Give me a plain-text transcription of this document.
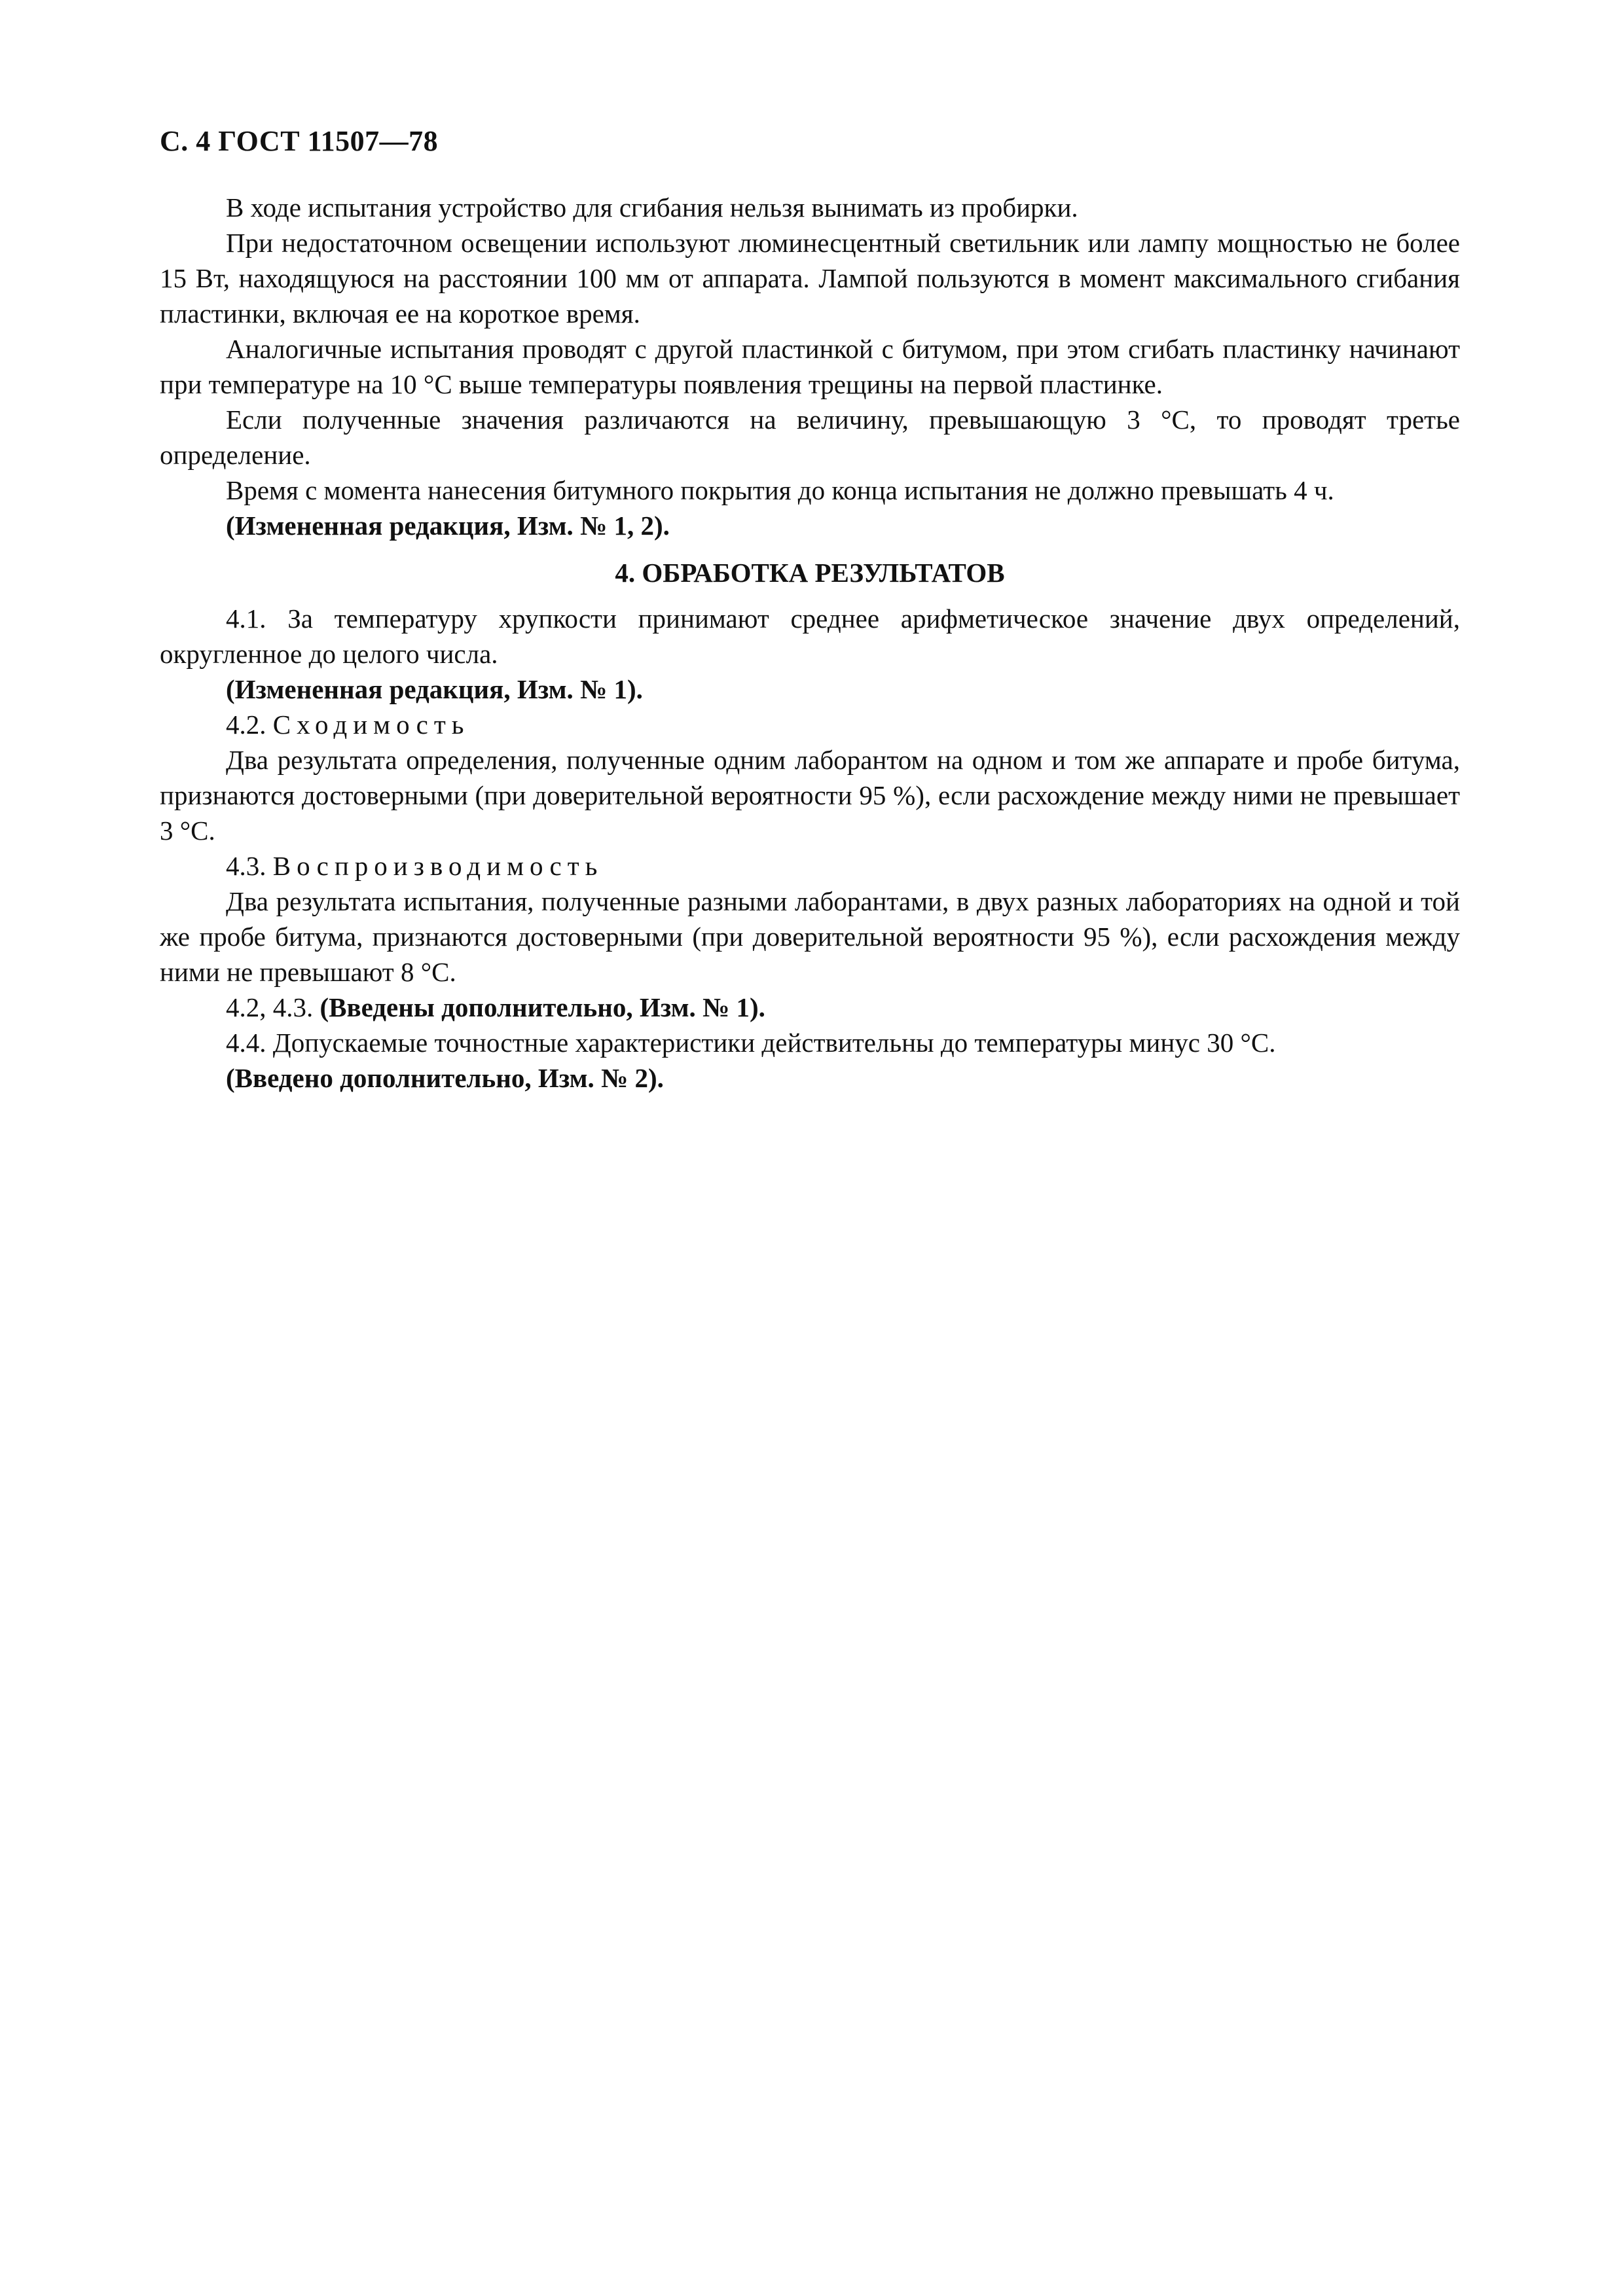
С. 4 ГОСТ 11507—78

В ходе испытания устройство для сгибания нельзя вынимать из пробирки.

При недостаточном освещении используют люминесцентный светильник или лампу мощностью не более 15 Вт, находящуюся на расстоянии 100 мм от аппарата. Лампой пользуются в момент максимального сгибания пластинки, включая ее на короткое время.

Аналогичные испытания проводят с другой пластинкой с битумом, при этом сгибать пластинку начинают при температуре на 10 °С выше температуры появления трещины на первой пластинке.

Если полученные значения различаются на величину, превышающую 3 °С, то проводят третье определение.

Время с момента нанесения битумного покрытия до конца испытания не должно превышать 4 ч.

(Измененная редакция, Изм. № 1, 2).

4. ОБРАБОТКА РЕЗУЛЬТАТОВ

4.1. За температуру хрупкости принимают среднее арифметическое значение двух определений, округленное до целого числа.

(Измененная редакция, Изм. № 1).

4.2. Сходимость

Два результата определения, полученные одним лаборантом на одном и том же аппарате и пробе битума, признаются достоверными (при доверительной вероятности 95 %), если расхождение между ними не превышает 3 °С.

4.3. Воспроизводимость

Два результата испытания, полученные разными лаборантами, в двух разных лабораториях на одной и той же пробе битума, признаются достоверными (при доверительной вероятности 95 %), если расхождения между ними не превышают 8 °С.

4.2, 4.3. (Введены дополнительно, Изм. № 1).

4.4. Допускаемые точностные характеристики действительны до температуры минус 30 °С.

(Введено дополнительно, Изм. № 2).
